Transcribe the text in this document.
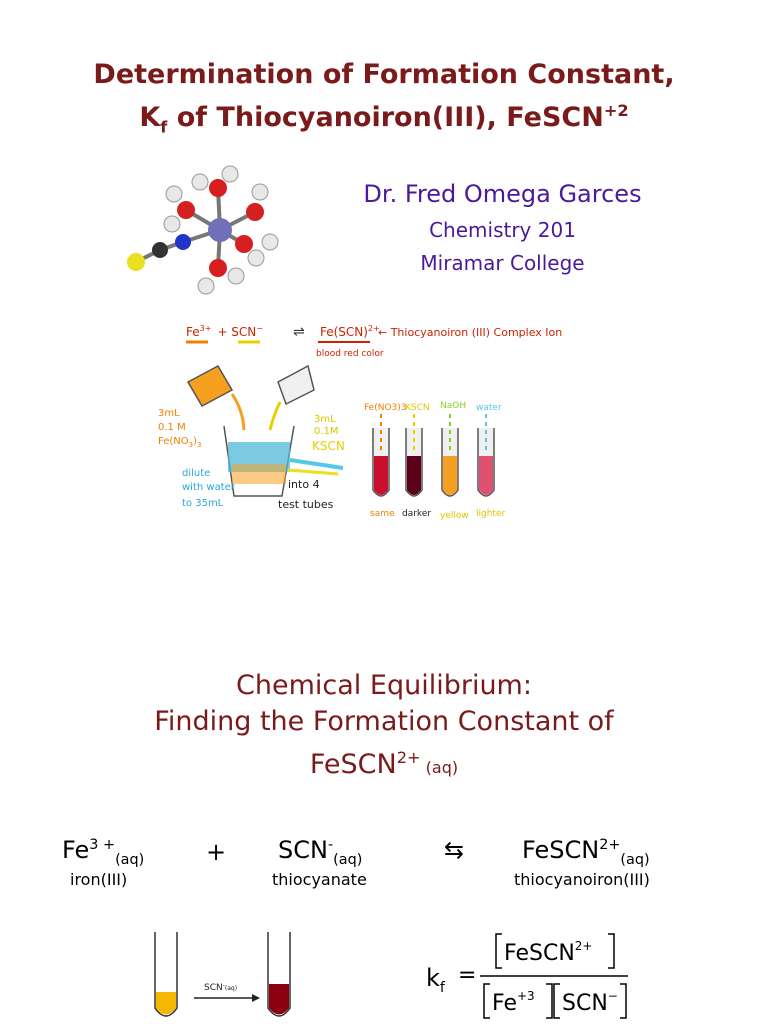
Determination of Formation Constant,
$K_f$ of Thiocyanoiron(III), FeSCN$^{+2}$
Dr. Fred Omega Garces
Chemistry 201
Miramar College
$Fe^{3+} + SCN^-$ ⇌ Fe(SCN)$^{2+}$
← Thiocyanoiron (III) Complex Ion
blood red color
3mL
0.1 M
$Fe(NO_3)_3$
3mL
0.1M
KSCN
dilute
with water
to 35mL
into 4
test tubes
Fe(NO3)3
KSCN NaOH water
same darker yellow lighter
Chemical Equilibrium:
Finding the Formation Constant of
FeSCN$^{2+}$ (aq)
$Fe^{3 +}_{(aq)}$	+ $SCN^-_{(aq)}$	⇆ FeSCN$^{2+}_{(aq)}$
iron(III)	thiocyanate	thiocyanoiron(III)
$SCN^-_{(aq)}$	$k_f$ =
FeSCN$^{2+}$
$Fe^{+3}$ SCN−
